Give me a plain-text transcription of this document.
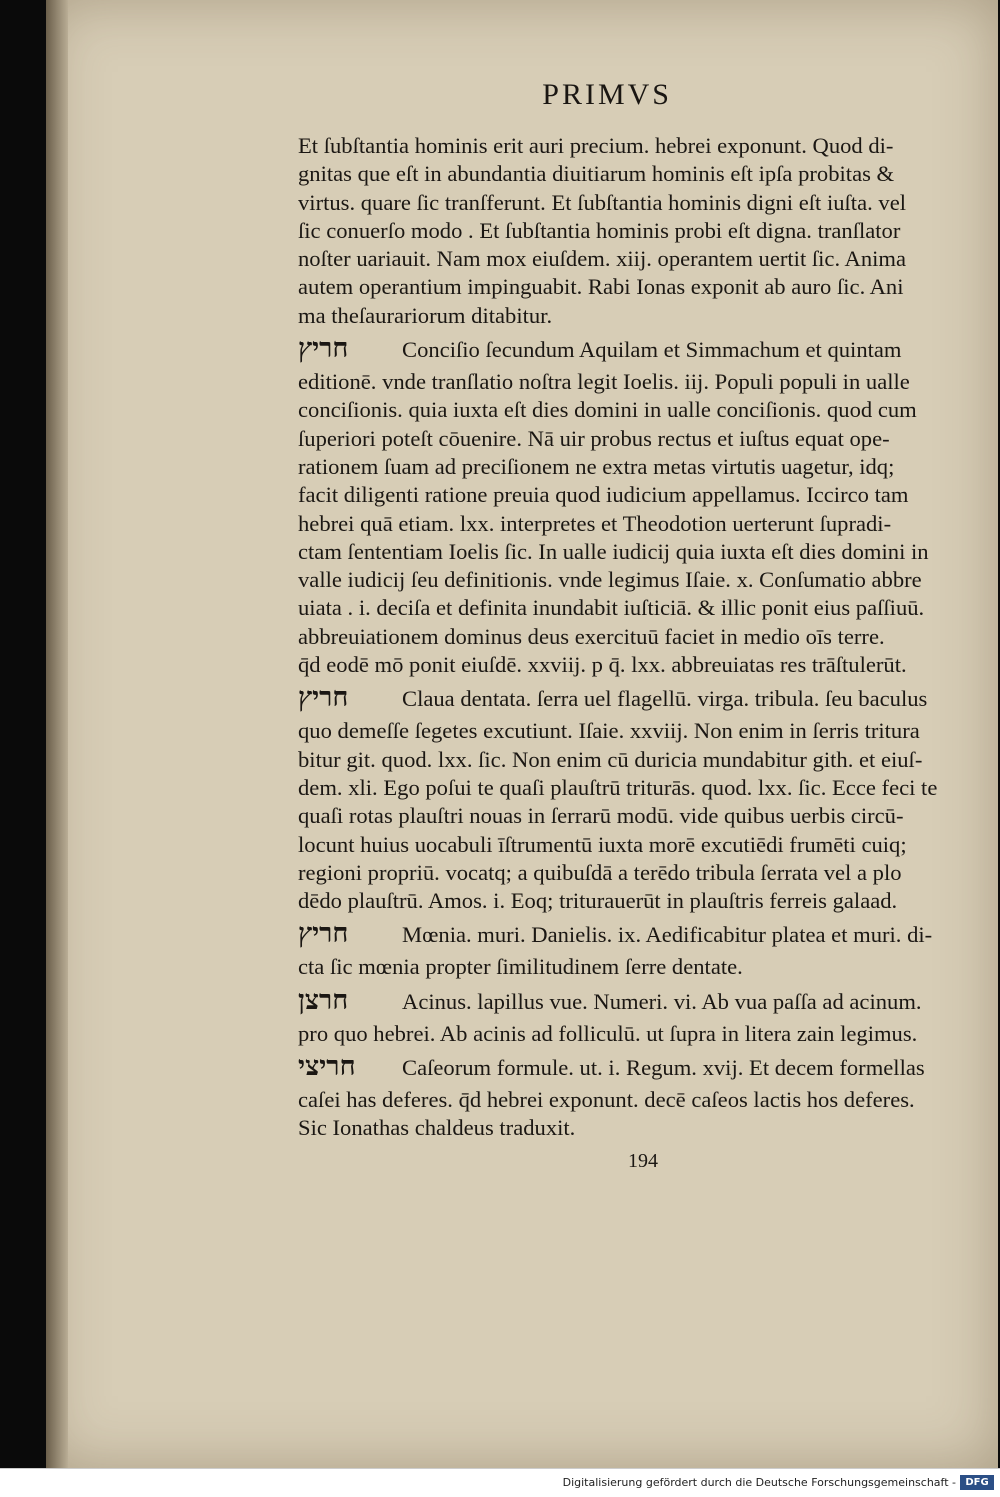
PRIMVS
Et ſubſtantia hominis erit auri precium. hebrei exponunt. Quod di-
gnitas que eſt in abundantia diuitiarum hominis eſt ipſa probitas &
virtus. quare ſic tranſferunt. Et ſubſtantia hominis digni eſt iuſta. vel
ſic conuerſo modo . Et ſubſtantia hominis probi eſt digna. tranſlator
noſter uariauit. Nam mox eiuſdem. xiij. operantem uertit ſic. Anima
autem operantium impinguabit. Rabi Ionas exponit ab auro ſic. Ani
ma theſaurariorum ditabitur.
חריץ Conciſio ſecundum Aquilam et Simmachum et quintam
editionē. vnde tranſlatio noſtra legit Ioelis. iij. Populi populi in ualle
conciſionis. quia iuxta eſt dies domini in ualle conciſionis. quod cum
ſuperiori poteſt cōuenire. Nā uir probus rectus et iuſtus equat ope-
rationem ſuam ad preciſionem ne extra metas virtutis uagetur, idq;
facit diligenti ratione preuia quod iudicium appellamus. Iccirco tam
hebrei quā etiam. lxx. interpretes et Theodotion uerterunt ſupradi-
ctam ſententiam Ioelis ſic. In ualle iudicij quia iuxta eſt dies domini in
valle iudicij ſeu definitionis. vnde legimus Iſaie. x. Conſumatio abbre
uiata . i. deciſa et definita inundabit iuſticiā. & illic ponit eius paſſiuū.
abbreuiationem dominus deus exercituū faciet in medio oīs terre.
q̄d eodē mō ponit eiuſdē. xxviij. p q̄. lxx. abbreuiatas res trāſtulerūt.
חריץ Claua dentata. ſerra uel flagellū. virga. tribula. ſeu baculus
quo demeſſe ſegetes excutiunt. Iſaie. xxviij. Non enim in ſerris tritura
bitur git. quod. lxx. ſic. Non enim cū duricia mundabitur gith. et eiuſ-
dem. xli. Ego poſui te quaſi plauſtrū triturās. quod. lxx. ſic. Ecce feci te
quaſi rotas plauſtri nouas in ſerrarū modū. vide quibus uerbis circū-
locunt huius uocabuli īſtrumentū iuxta morē excutiēdi frumēti cuiq;
regioni propriū. vocatq; a quibuſdā a terēdo tribula ſerrata vel a plo
dēdo plauſtrū. Amos. i. Eoq; triturauerūt in plauſtris ferreis galaad.
חריץ Mœnia. muri. Danielis. ix. Aedificabitur platea et muri. di-
cta ſic mœnia propter ſimilitudinem ſerre dentate.
חרצן Acinus. lapillus vue. Numeri. vi. Ab vua paſſa ad acinum.
pro quo hebrei. Ab acinis ad folliculū. ut ſupra in litera zain legimus.
חריצי Caſeorum formule. ut. i. Regum. xvij. Et decem formellas
caſei has deferes. q̄d hebrei exponunt. decē caſeos lactis hos deferes.
Sic Ionathas chaldeus traduxit.
194
Digitalisierung gefördert durch die Deutsche Forschungsgemeinschaft - DFG
